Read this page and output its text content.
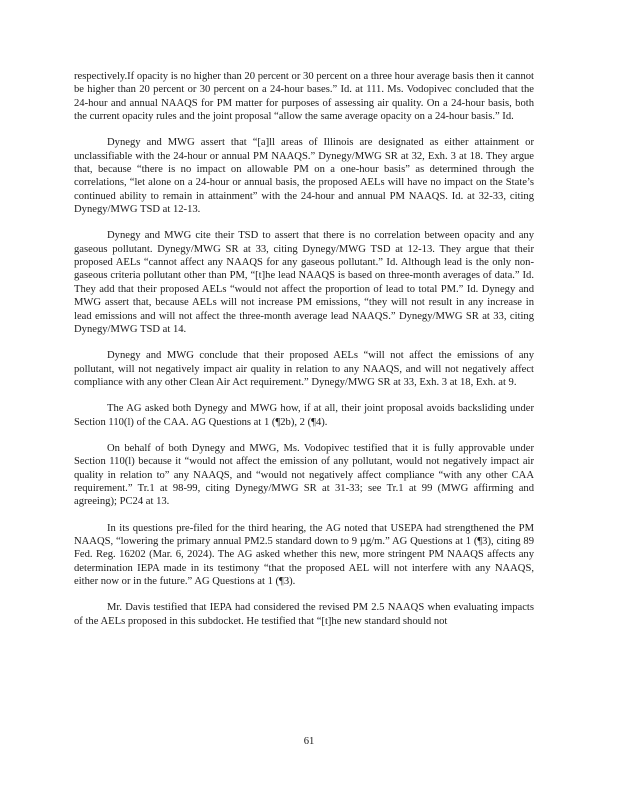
respectively.If opacity is no higher than 20 percent or 30 percent on a three hour average basis then it cannot be higher than 20 percent or 30 percent on a 24-hour bases.” Id. at 111. Ms. Vodopivec concluded that the 24-hour and annual NAAQS for PM matter for purposes of assessing air quality. On a 24-hour basis, both the current opacity rules and the joint proposal “allow the same average opacity on a 24-hour basis.” Id.

Dynegy and MWG assert that “[a]ll areas of Illinois are designated as either attainment or unclassifiable with the 24-hour or annual PM NAAQS.” Dynegy/MWG SR at 32, Exh. 3 at 18. They argue that, because “there is no impact on allowable PM on a one-hour basis” as determined through the correlations, “let alone on a 24-hour or annual basis, the proposed AELs will have no impact on the State’s continued ability to remain in attainment” with the 24-hour and annual PM NAAQS. Id. at 32-33, citing Dynegy/MWG TSD at 12-13.

Dynegy and MWG cite their TSD to assert that there is no correlation between opacity and any gaseous pollutant. Dynegy/MWG SR at 33, citing Dynegy/MWG TSD at 12-13. They argue that their proposed AELs “cannot affect any NAAQS for any gaseous pollutant.” Id. Although lead is the only non-gaseous criteria pollutant other than PM, “[t]he lead NAAQS is based on three-month averages of data.” Id. They add that their proposed AELs “would not affect the proportion of lead to total PM.” Id. Dynegy and MWG assert that, because AELs will not increase PM emissions, “they will not result in any increase in lead emissions and will not affect the three-month average lead NAAQS.” Dynegy/MWG SR at 33, citing Dynegy/MWG TSD at 14.

Dynegy and MWG conclude that their proposed AELs “will not affect the emissions of any pollutant, will not negatively impact air quality in relation to any NAAQS, and will not negatively affect compliance with any other Clean Air Act requirement.” Dynegy/MWG SR at 33, Exh. 3 at 18, Exh. at 9.

The AG asked both Dynegy and MWG how, if at all, their joint proposal avoids backsliding under Section 110(l) of the CAA. AG Questions at 1 (¶2b), 2 (¶4).

On behalf of both Dynegy and MWG, Ms. Vodopivec testified that it is fully approvable under Section 110(l) because it “would not affect the emission of any pollutant, would not negatively impact air quality in relation to” any NAAQS, and “would not negatively affect compliance “with any other CAA requirement.” Tr.1 at 98-99, citing Dynegy/MWG SR at 31-33; see Tr.1 at 99 (MWG affirming and agreeing); PC24 at 13.

In its questions pre-filed for the third hearing, the AG noted that USEPA had strengthened the PM NAAQS, “lowering the primary annual PM2.5 standard down to 9 µg/m.” AG Questions at 1 (¶3), citing 89 Fed. Reg. 16202 (Mar. 6, 2024). The AG asked whether this new, more stringent PM NAAQS affects any determination IEPA made in its testimony “that the proposed AEL will not interfere with any NAAQS, either now or in the future.” AG Questions at 1 (¶3).

Mr. Davis testified that IEPA had considered the revised PM 2.5 NAAQS when evaluating impacts of the AELs proposed in this subdocket. He testified that “[t]he new standard should not

61
